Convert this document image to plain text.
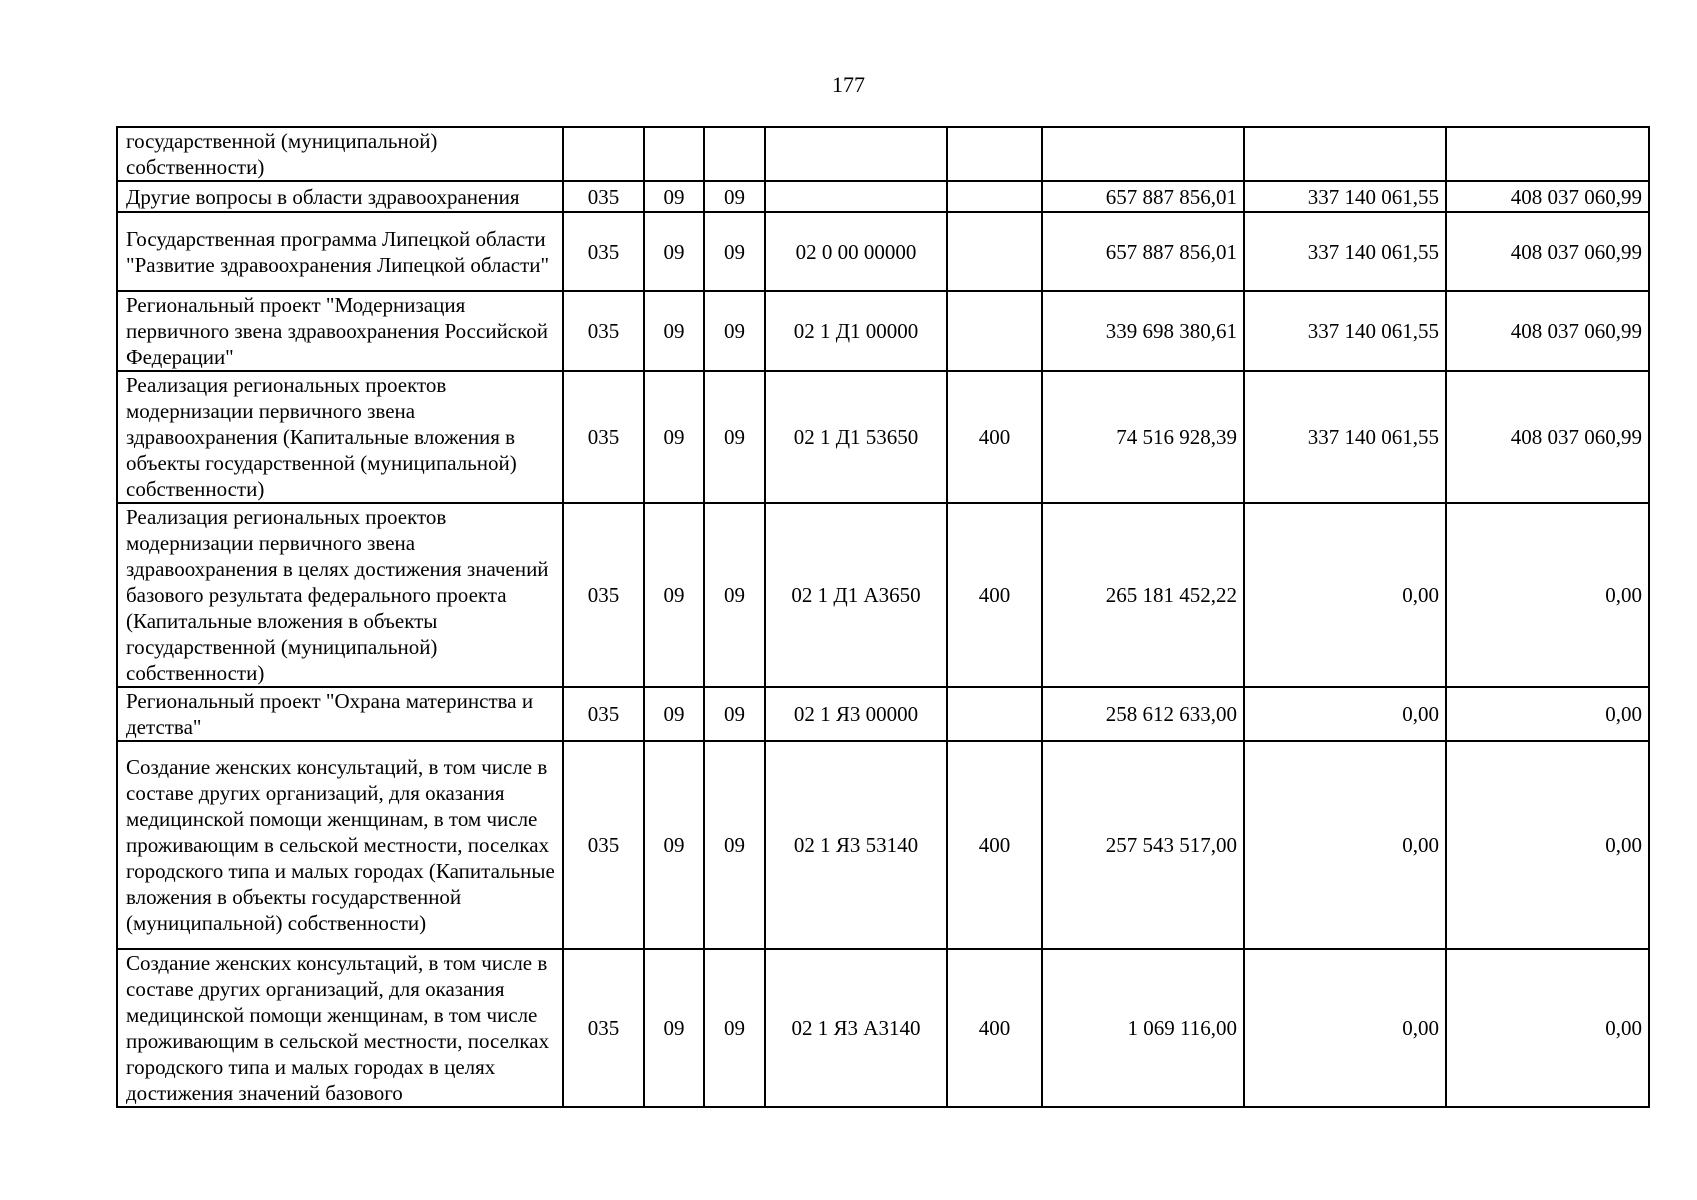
177
государственной (муниципальной) собственности)								
Другие вопросы в области здравоохранения	035	09	09			657 887 856,01	337 140 061,55	408 037 060,99
Государственная программа Липецкой области "Развитие здравоохранения Липецкой области"	035	09	09	02 0 00 00000		657 887 856,01	337 140 061,55	408 037 060,99
Региональный проект "Модернизация первичного звена здравоохранения Российской Федерации"	035	09	09	02 1 Д1 00000		339 698 380,61	337 140 061,55	408 037 060,99
Реализация региональных проектов модернизации первичного звена здравоохранения (Капитальные вложения в объекты государственной (муниципальной) собственности)	035	09	09	02 1 Д1 53650	400	74 516 928,39	337 140 061,55	408 037 060,99
Реализация региональных проектов модернизации первичного звена здравоохранения в целях достижения значений базового результата федерального проекта (Капитальные вложения в объекты государственной (муниципальной) собственности)	035	09	09	02 1 Д1 А3650	400	265 181 452,22	0,00	0,00
Региональный проект "Охрана материнства и детства"	035	09	09	02 1 Я3 00000		258 612 633,00	0,00	0,00
Создание женских консультаций, в том числе в составе других организаций, для оказания медицинской помощи женщинам, в том числе проживающим в сельской местности, поселках городского типа и малых городах (Капитальные вложения в объекты государственной (муниципальной) собственности)	035	09	09	02 1 Я3 53140	400	257 543 517,00	0,00	0,00
Создание женских консультаций, в том числе в составе других организаций, для оказания медицинской помощи женщинам, в том числе проживающим в сельской местности, поселках городского типа и малых городах в целях достижения значений базового	035	09	09	02 1 Я3 А3140	400	1 069 116,00	0,00	0,00
